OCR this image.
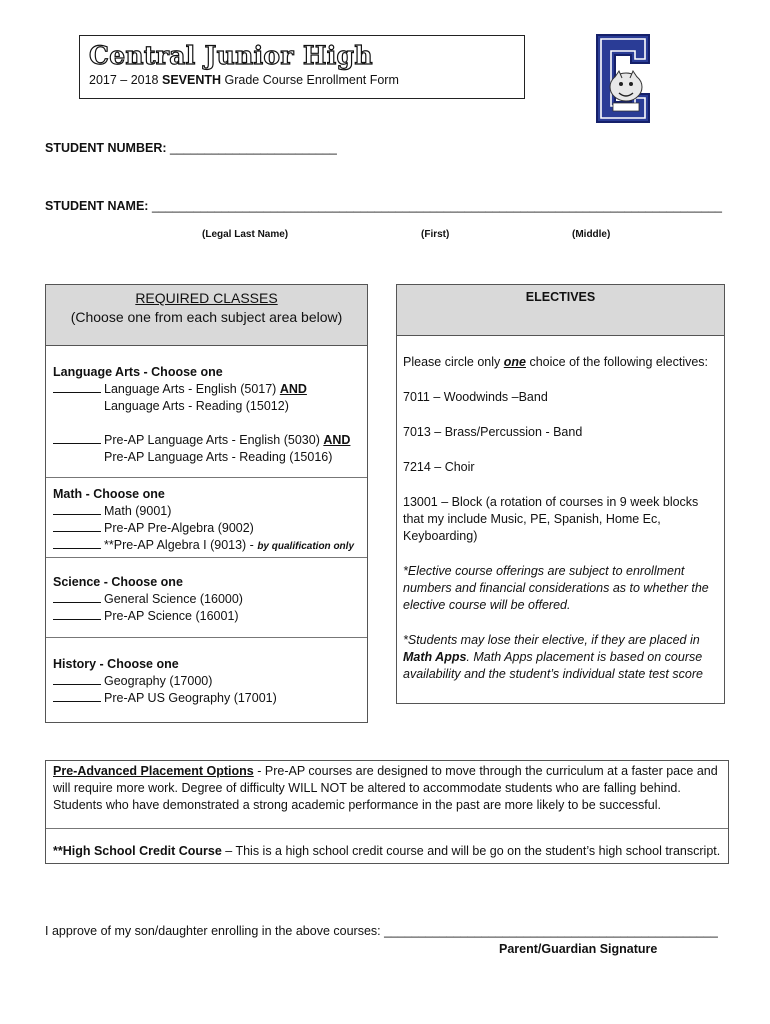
Central Junior High
2017 – 2018 SEVENTH Grade Course Enrollment Form
STUDENT NUMBER: ________________________
STUDENT NAME: __________________________________________________________________________________
(Legal Last Name)	(First)	(Middle)
REQUIRED CLASSES
(Choose one from each subject area below)
Language Arts - Choose one
Language Arts - English (5017) AND
Language Arts - Reading (15012)
Pre-AP Language Arts - English (5030) AND
Pre-AP Language Arts - Reading (15016)
Math - Choose one
Math (9001)
Pre-AP Pre-Algebra (9002)
**Pre-AP Algebra I (9013) - by qualification only
Science - Choose one
General Science (16000)
Pre-AP Science (16001)
History - Choose one
Geography (17000)
Pre-AP US Geography (17001)
ELECTIVES
Please circle only one choice of the following electives:
7011 – Woodwinds –Band
7013 – Brass/Percussion - Band
7214 – Choir
13001 – Block (a rotation of courses in 9 week blocks
that my include Music, PE, Spanish, Home Ec,
Keyboarding)
*Elective course offerings are subject to enrollment
numbers and financial considerations as to whether the
elective course will be offered.
*Students may lose their elective, if they are placed in
Math Apps. Math Apps placement is based on course
availability and the student’s individual state test score
Pre-Advanced Placement Options - Pre-AP courses are designed to move through the curriculum at a faster pace and
will require more work. Degree of difficulty WILL NOT be altered to accommodate students who are falling behind.
Students who have demonstrated a strong academic performance in the past are more likely to be successful.
**High School Credit Course – This is a high school credit course and will be go on the student’s high school transcript.
I approve of my son/daughter enrolling in the above courses: ________________________________________________
Parent/Guardian Signature
